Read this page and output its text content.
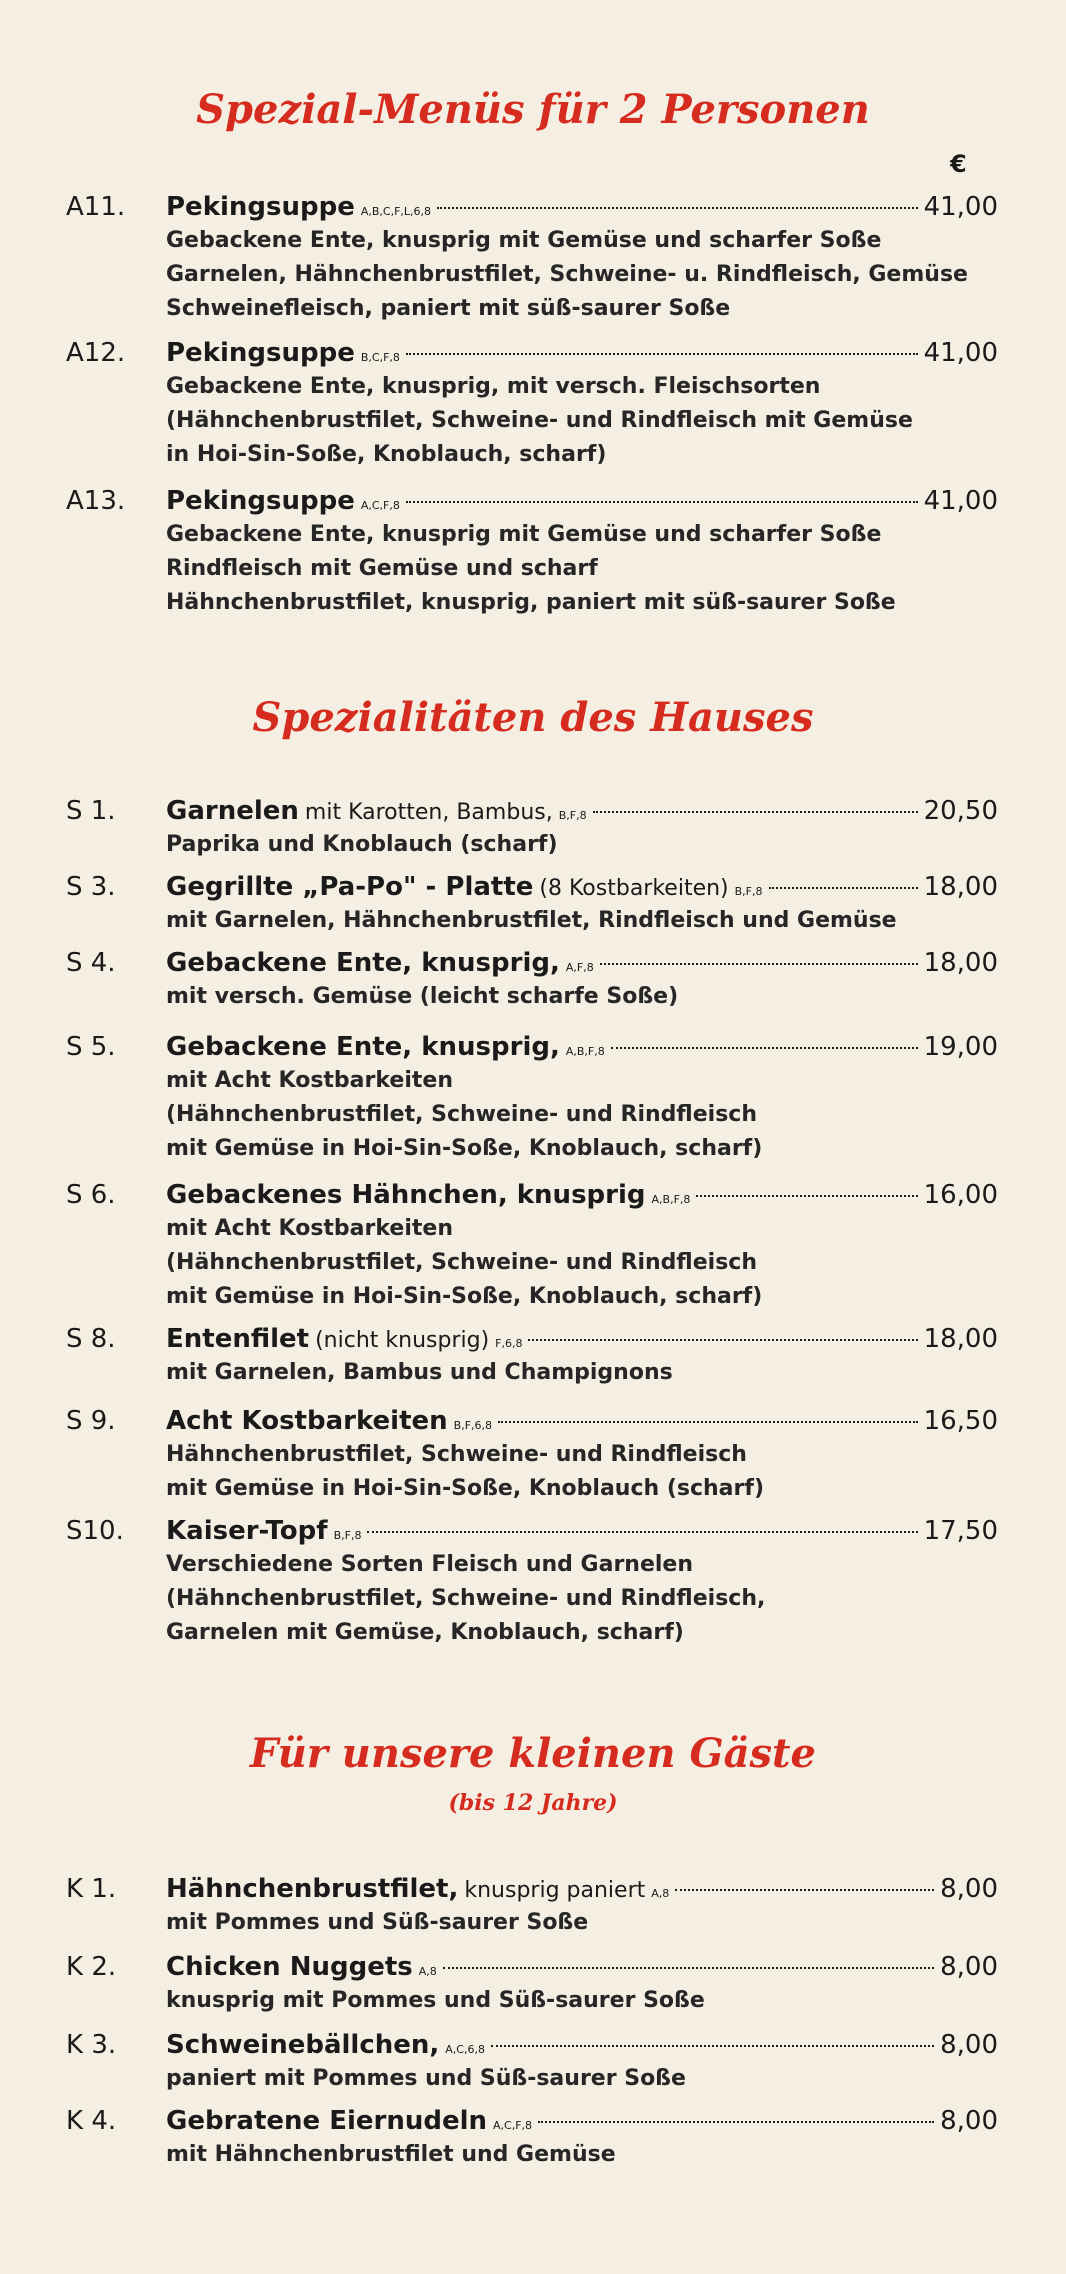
Spezial-Menüs für 2 Personen
€
A11.	Pekingsuppe A,B,C,F,L,6,8	41,00
Gebackene Ente, knusprig mit Gemüse und scharfer Soße
Garnelen, Hähnchenbrustfilet, Schweine- u. Rindfleisch, Gemüse
Schweinefleisch, paniert mit süß-saurer Soße
A12.	Pekingsuppe B,C,F,8	41,00
Gebackene Ente, knusprig, mit versch. Fleischsorten
(Hähnchenbrustfilet, Schweine- und Rindfleisch mit Gemüse
in Hoi-Sin-Soße, Knoblauch, scharf)
A13.	Pekingsuppe A,C,F,8	41,00
Gebackene Ente, knusprig mit Gemüse und scharfer Soße
Rindfleisch mit Gemüse und scharf
Hähnchenbrustfilet, knusprig, paniert mit süß-saurer Soße
Spezialitäten des Hauses
S 1.	Garnelen mit Karotten, Bambus, B,F,8	20,50
Paprika und Knoblauch (scharf)
S 3.	Gegrillte „Pa-Po" - Platte (8 Kostbarkeiten) B,F,8	18,00
mit Garnelen, Hähnchenbrustfilet, Rindfleisch und Gemüse
S 4.	Gebackene Ente, knusprig, A,F,8	18,00
mit versch. Gemüse (leicht scharfe Soße)
S 5.	Gebackene Ente, knusprig, A,B,F,8	19,00
mit Acht Kostbarkeiten
(Hähnchenbrustfilet, Schweine- und Rindfleisch
mit Gemüse in Hoi-Sin-Soße, Knoblauch, scharf)
S 6.	Gebackenes Hähnchen, knusprig A,B,F,8	16,00
mit Acht Kostbarkeiten
(Hähnchenbrustfilet, Schweine- und Rindfleisch
mit Gemüse in Hoi-Sin-Soße, Knoblauch, scharf)
S 8.	Entenfilet (nicht knusprig) F,6,8	18,00
mit Garnelen, Bambus und Champignons
S 9.	Acht Kostbarkeiten B,F,6,8	16,50
Hähnchenbrustfilet, Schweine- und Rindfleisch
mit Gemüse in Hoi-Sin-Soße, Knoblauch (scharf)
S10.	Kaiser-Topf B,F,8	17,50
Verschiedene Sorten Fleisch und Garnelen
(Hähnchenbrustfilet, Schweine- und Rindfleisch,
Garnelen mit Gemüse, Knoblauch, scharf)
Für unsere kleinen Gäste
(bis 12 Jahre)
K 1.	Hähnchenbrustfilet, knusprig paniert A,8	8,00
mit Pommes und Süß-saurer Soße
K 2.	Chicken Nuggets A,8	8,00
knusprig mit Pommes und Süß-saurer Soße
K 3.	Schweinebällchen, A,C,6,8	8,00
paniert mit Pommes und Süß-saurer Soße
K 4.	Gebratene Eiernudeln A,C,F,8	8,00
mit Hähnchenbrustfilet und Gemüse
